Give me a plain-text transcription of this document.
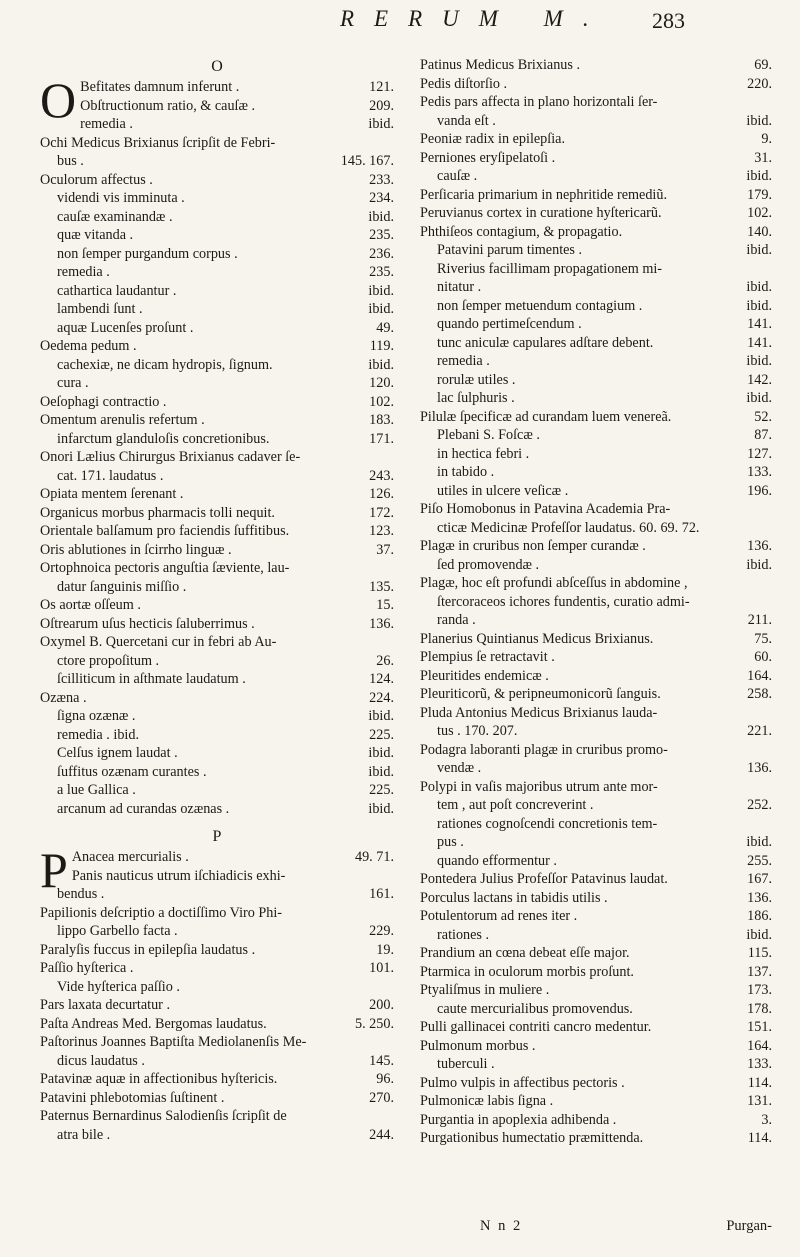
RERUM M. 283
O
O Befitates damnum inferunt .	121.
Obſtructionum ratio, & cauſæ .	209.
remedia .	ibid.
Ochi Medicus Brixianus ſcripſit de Febri-
bus .	145. 167.
Oculorum affectus .	233.
videndi vis imminuta .	234.
cauſæ examinandæ .	ibid.
quæ vitanda .	235.
non ſemper purgandum corpus .	236.
remedia .	235.
cathartica laudantur .	ibid.
lambendi ſunt .	ibid.
aquæ Lucenſes proſunt .	49.
Oedema pedum .	119.
cachexiæ, ne dicam hydropis, ſignum.	ibid.
cura .	120.
Oeſophagi contractio .	102.
Omentum arenulis refertum .	183.
infarctum glanduloſis concretionibus.	171.
Onori Lælius Chirurgus Brixianus cadaver ſe-
cat. 171. laudatus .	243.
Opiata mentem ſerenant .	126.
Organicus morbus pharmacis tolli nequit.	172.
Orientale balſamum pro faciendis ſuffitibus.	123.
Oris ablutiones in ſcirrho linguæ .	37.
Ortophnoica pectoris anguſtia ſæviente, lau-
datur ſanguinis miſſio .	135.
Os aortæ oſſeum .	15.
Oſtrearum uſus hecticis ſaluberrimus .	136.
Oxymel B. Quercetani cur in febri ab Au-
ctore propoſitum .	26.
ſcilliticum in aſthmate laudatum .	124.
Ozæna .	224.
ſigna ozænæ .	ibid.
remedia . ibid.	225.
Celſus ignem laudat .	ibid.
ſuffitus ozænam curantes .	ibid.
a lue Gallica .	225.
arcanum ad curandas ozænas .	ibid.
P
P Anacea mercurialis .	49. 71.
Panis nauticus utrum iſchiadicis exhi-
bendus .	161.
Papilionis deſcriptio a doctiſſimo Viro Phi-
lippo Garbello facta .	229.
Paralyſis fuccus in epilepſia laudatus .	19.
Paſſio hyſterica .	101.
Vide hyſterica paſſio .
Pars laxata decurtatur .	200.
Paſta Andreas Med. Bergomas laudatus.	5. 250.
Paſtorinus Joannes Baptiſta Mediolanenſis Me-
dicus laudatus .	145.
Patavinæ aquæ in affectionibus hyſtericis.	96.
Patavini phlebotomias ſuſtinent .	270.
Paternus Bernardinus Salodienſis ſcripſit de
atra bile .	244.
Patinus Medicus Brixianus .	69.
Pedis diſtorſio .	220.
Pedis pars affecta in plano horizontali ſer-
vanda eſt .	ibid.
Peoniæ radix in epilepſia.	9.
Perniones eryſipelatoſi .	31.
cauſæ .	ibid.
Perſicaria primarium in nephritide remediũ.	179.
Peruvianus cortex in curatione hyſtericarũ.	102.
Phthiſeos contagium, & propagatio.	140.
Patavini parum timentes .	ibid.
Riverius facillimam propagationem mi-
nitatur .	ibid.
non ſemper metuendum contagium .	ibid.
quando pertimeſcendum .	141.
tunc aniculæ capulares adſtare debent.	141.
remedia .	ibid.
rorulæ utiles .	142.
lac ſulphuris .	ibid.
Pilulæ ſpecificæ ad curandam luem venereã.	52.
Plebani S. Foſcæ .	87.
in hectica febri .	127.
in tabido .	133.
utiles in ulcere veſicæ .	196.
Piſo Homobonus in Patavina Academia Pra-
cticæ Medicinæ Profeſſor laudatus. 60. 69. 72.
Plagæ in cruribus non ſemper curandæ .	136.
ſed promovendæ .	ibid.
Plagæ, hoc eſt profundi abſceſſus in abdomine ,
ſtercoraceos ichores fundentis, curatio admi-
randa .	211.
Planerius Quintianus Medicus Brixianus.	75.
Plempius ſe retractavit .	60.
Pleuritides endemicæ .	164.
Pleuriticorũ, & peripneumonicorũ ſanguis.	258.
Pluda Antonius Medicus Brixianus lauda-
tus . 170. 207.	221.
Podagra laboranti plagæ in cruribus promo-
vendæ .	136.
Polypi in vaſis majoribus utrum ante mor-
tem , aut poſt concreverint .	252.
rationes cognoſcendi concretionis tem-
pus .	ibid.
quando efformentur .	255.
Pontedera Julius Profeſſor Patavinus laudat.	167.
Porculus lactans in tabidis utilis .	136.
Potulentorum ad renes iter .	186.
rationes .	ibid.
Prandium an cœna debeat eſſe major.	115.
Ptarmica in oculorum morbis proſunt.	137.
Ptyaliſmus in muliere .	173.
caute mercurialibus promovendus.	178.
Pulli gallinacei contriti cancro medentur.	151.
Pulmonum morbus .	164.
tuberculi .	133.
Pulmo vulpis in affectibus pectoris .	114.
Pulmonicæ labis ſigna .	131.
Purgantia in apoplexia adhibenda .	3.
Purgationibus humectatio præmittenda.	114.
N n 2	Purgan-
